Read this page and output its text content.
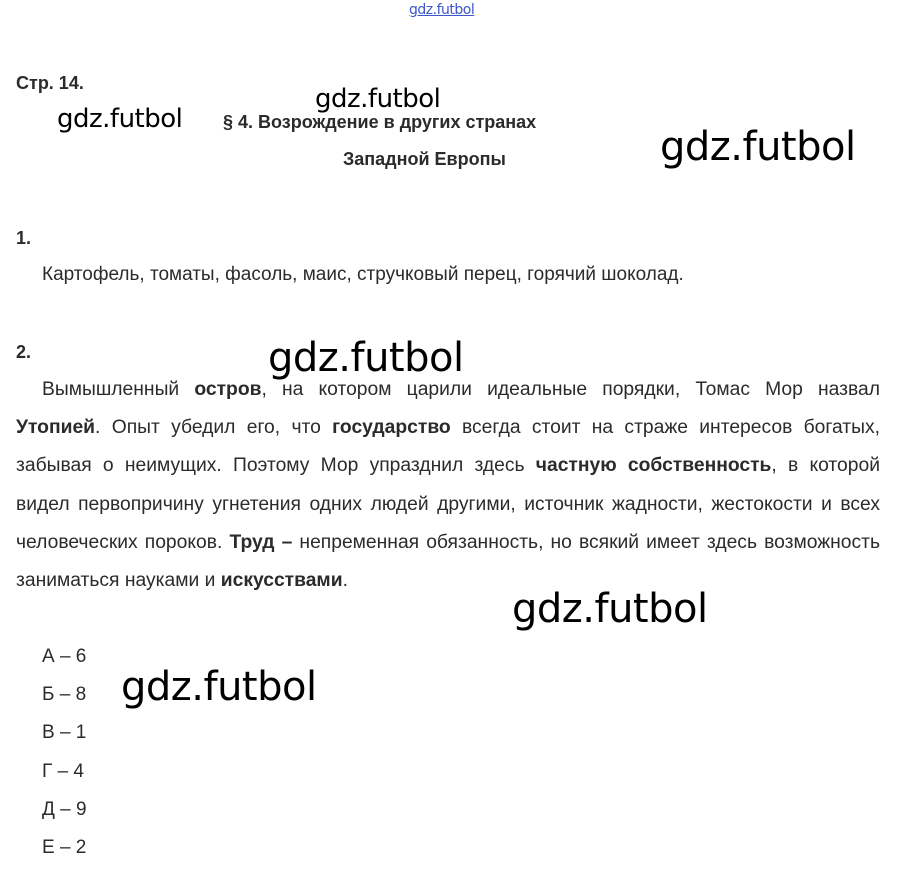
gdz.futbol
Стр. 14.
§ 4. Возрождение в других странах
Западной Европы
1.
Картофель, томаты, фасоль, маис, стручковый перец, горячий шоколад.
2.

Вымышленный остров, на котором царили идеальные порядки, Томас Мор назвал Утопией. Опыт убедил его, что государство всегда стоит на страже интересов богатых, забывая о неимущих. Поэтому Мор упразднил здесь частную собственность, в которой видел первопричину угнетения одних людей другими, источник жадности, жестокости и всех человеческих пороков. Труд – непременная обязанность, но всякий имеет здесь возможность заниматься науками и искусствами.

А – 6
Б – 8
В – 1
Г – 4
Д – 9
Е – 2
gdz.futbol
gdz.futbol
gdz.futbol
gdz.futbol
gdz.futbol
gdz.futbol
